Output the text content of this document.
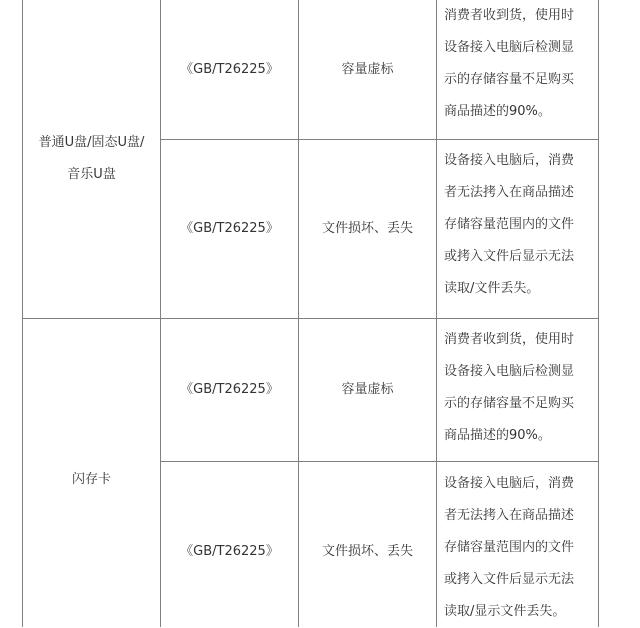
普通U盘/固态U盘/
音乐U盘
《GB/T26225》	容量虚标
消费者收到货，使用时
设备接入电脑后检测显
示的存储容量不足购买
商品描述的90%。
《GB/T26225》	文件损坏、丢失
设备接入电脑后，消费
者无法拷入在商品描述
存储容量范围内的文件
或拷入文件后显示无法
读取/文件丢失。
闪存卡
《GB/T26225》	容量虚标
消费者收到货，使用时
设备接入电脑后检测显
示的存储容量不足购买
商品描述的90%。
《GB/T26225》	文件损坏、丢失
设备接入电脑后，消费
者无法拷入在商品描述
存储容量范围内的文件
或拷入文件后显示无法
读取/显示文件丢失。
